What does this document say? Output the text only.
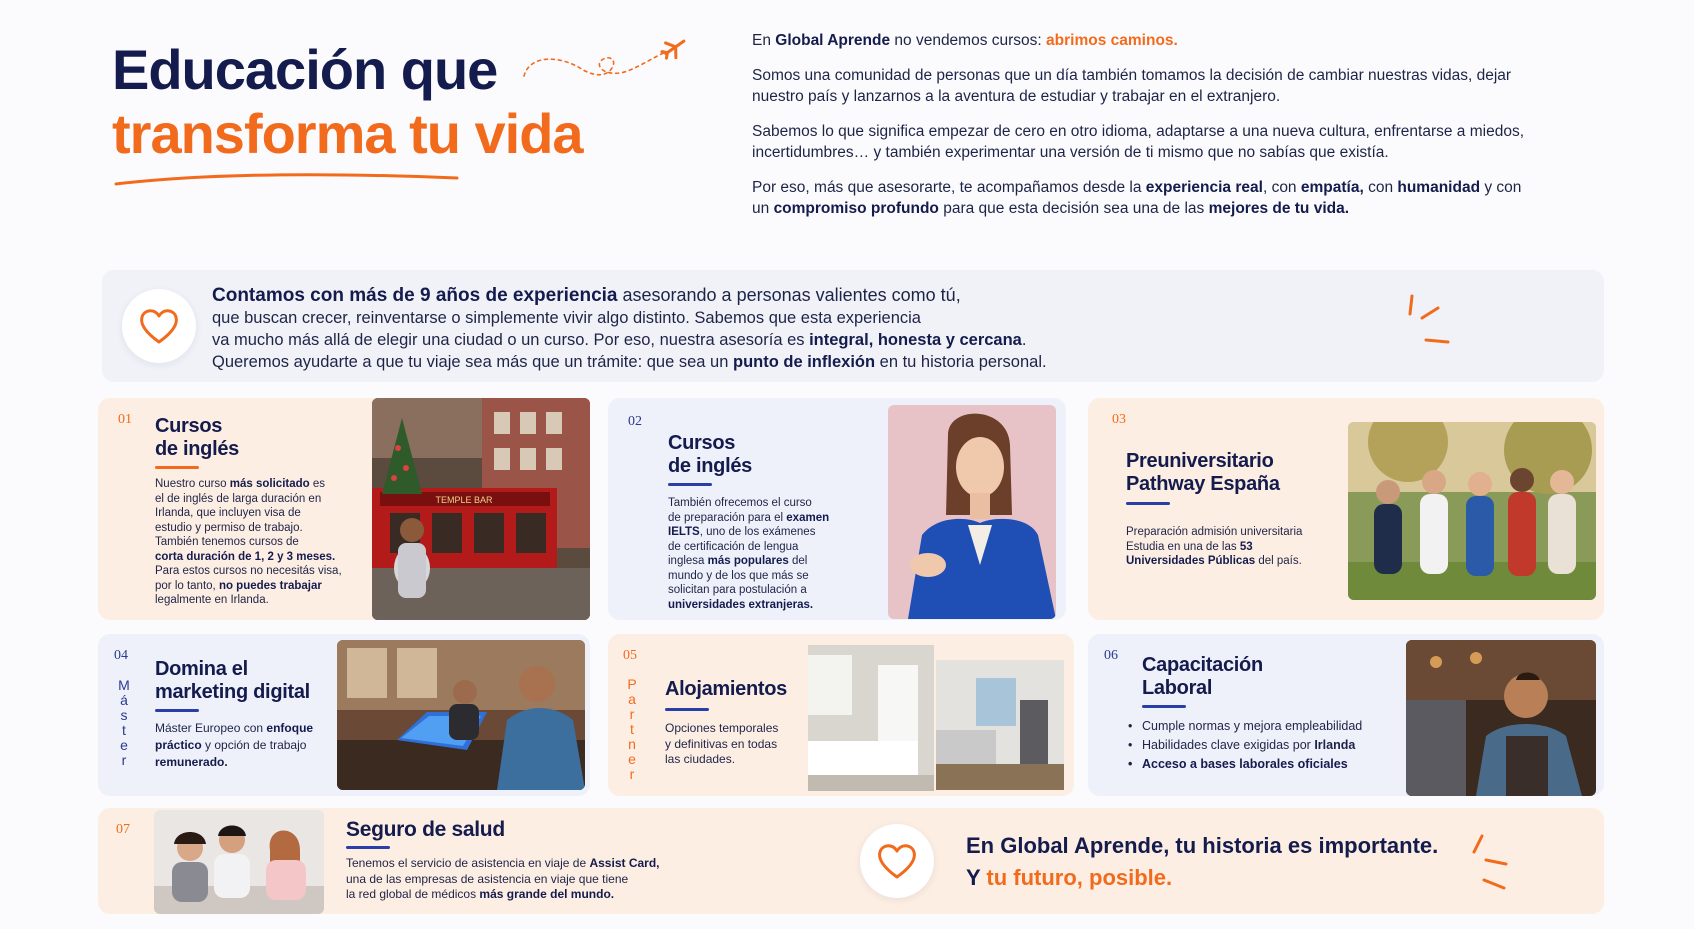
Educación que
transforma tu vida

En Global Aprende no vendemos cursos: abrimos caminos.

Somos una comunidad de personas que un día también tomamos la decisión de cambiar nuestras vidas, dejar nuestro país y lanzarnos a la aventura de estudiar y trabajar en el extranjero.

Sabemos lo que significa empezar de cero en otro idioma, adaptarse a una nueva cultura, enfrentarse a miedos, incertidumbres… y también experimentar una versión de ti mismo que no sabías que existía.

Por eso, más que asesorarte, te acompañamos desde la experiencia real, con empatía, con humanidad y con un compromiso profundo para que esta decisión sea una de las mejores de tu vida.

Contamos con más de 9 años de experiencia asesorando a personas valientes como tú,
que buscan crecer, reinventarse o simplemente vivir algo distinto. Sabemos que esta experiencia
va mucho más allá de elegir una ciudad o un curso. Por eso, nuestra asesoría es integral, honesta y cercana.
Queremos ayudarte a que tu viaje sea más que un trámite: que sea un punto de inflexión en tu historia personal.
01 Cursos
de inglés
Nuestro curso más solicitado es
el de inglés de larga duración en
Irlanda, que incluyen visa de
estudio y permiso de trabajo.
También tenemos cursos de
corta duración de 1, 2 y 3 meses.
Para estos cursos no necesitás visa,
por lo tanto, no puedes trabajar
legalmente en Irlanda.
TEMPLE BAR
02
Cursos
de inglés
También ofrecemos el curso
de preparación para el examen
IELTS, uno de los exámenes
de certificación de lengua
inglesa más populares del
mundo y de los que más se
solicitan para postulación a
universidades extranjeras.
03
Preuniversitario
Pathway España
Preparación admisión universitaria
Estudia en una de las 53
Universidades Públicas del país.
04
M
á
s
t
e
r
Domina el
marketing digital
Máster Europeo con enfoque
práctico y opción de trabajo
remunerado.
05
P
a
r
t
n
e
r
Alojamientos
Opciones temporales
y definitivas en todas
las ciudades.
06 Capacitación
Laboral
• Cumple normas y mejora empleabilidad
• Habilidades clave exigidas por Irlanda
• Acceso a bases laborales oficiales
07	Seguro de salud
Tenemos el servicio de asistencia en viaje de Assist Card,
una de las empresas de asistencia en viaje que tiene
la red global de médicos más grande del mundo.
En Global Aprende, tu historia es importante.
Y tu futuro, posible.
